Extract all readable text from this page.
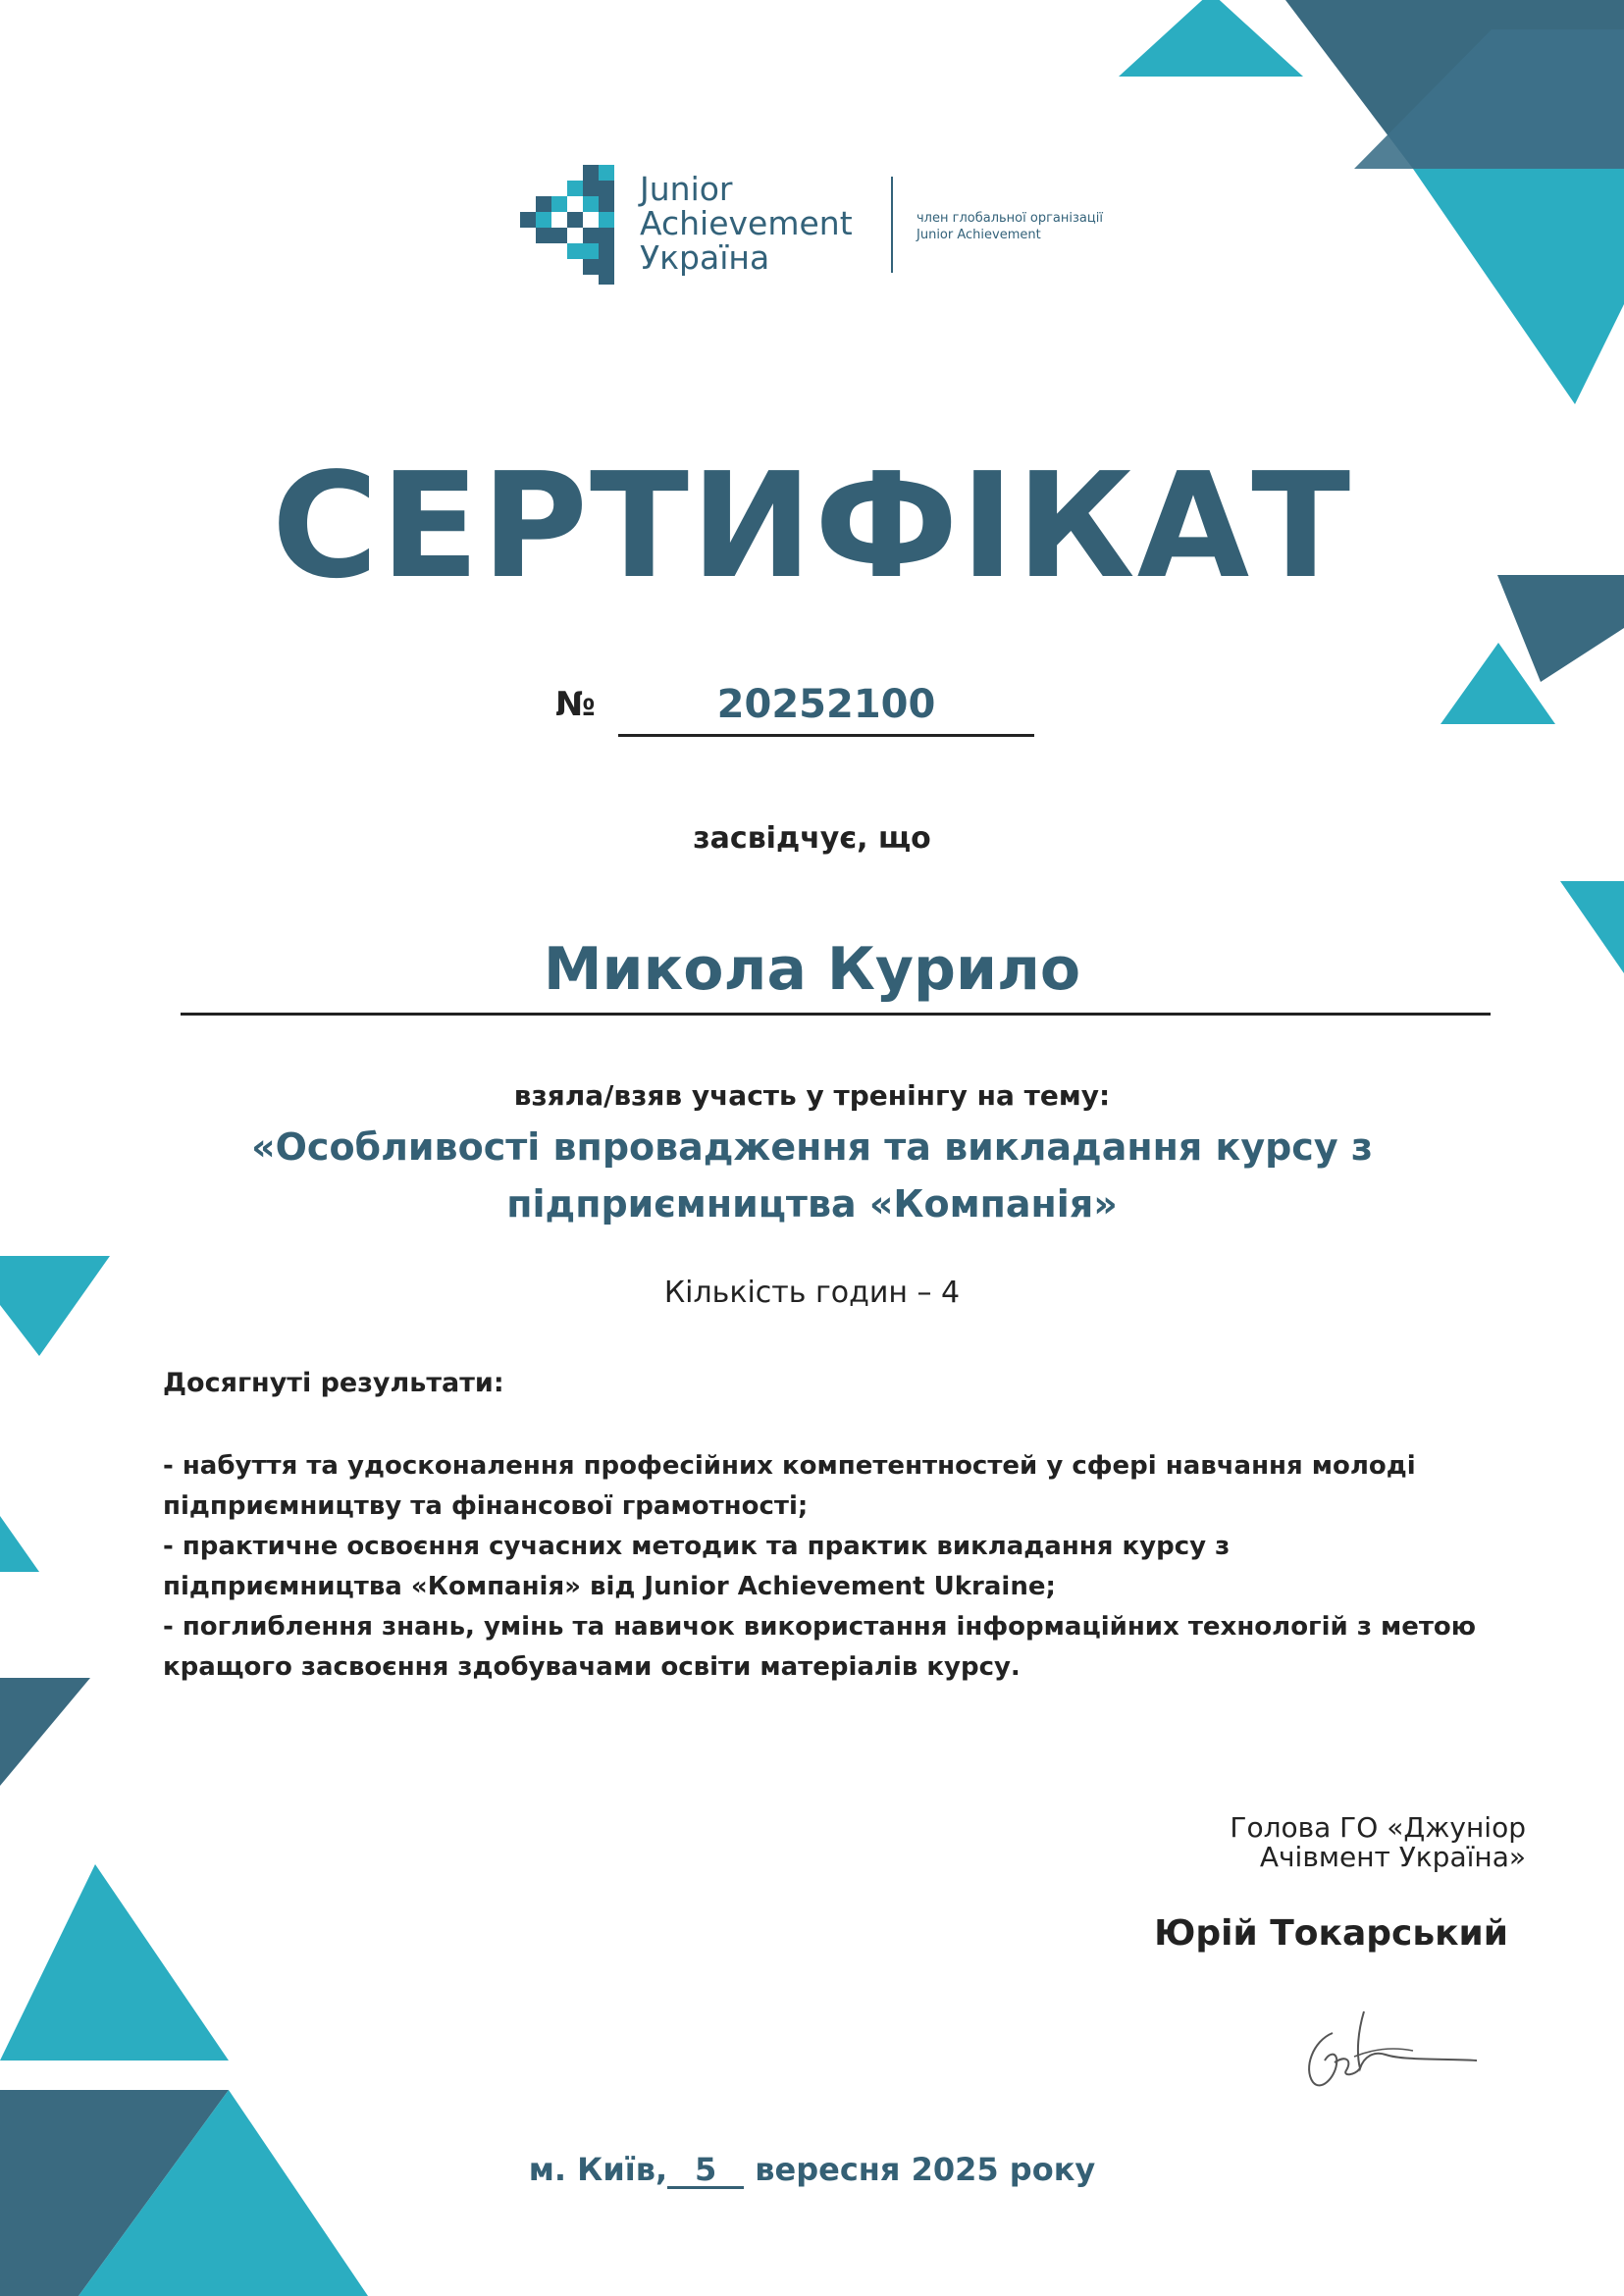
Junior
Achievement
Україна
член глобальної організації
Junior Achievement
СЕРТИФІКАТ
№	20252100
засвідчує, що
Микола Курило
взяла/взяв участь у тренінгу на тему:
«Особливості впровадження та викладання курсу з підприємництва «Компанія»
Кількість годин – 4
Досягнуті результати:

- набуття та удосконалення професійних компетентностей у сфері навчання молоді підприємництву та фінансової грамотності;

- практичне освоєння сучасних методик та практик викладання курсу з підприємництва «Компанія» від Junior Achievement Ukraine;

- поглиблення знань, умінь та навичок використання інформаційних технологій з метою кращого засвоєння здобувачами освіти матеріалів курсу.

Голова ГО «Джуніор
Ачівмент Україна»
Юрій Токарський
м. Київ, 5 вересня 2025 року
